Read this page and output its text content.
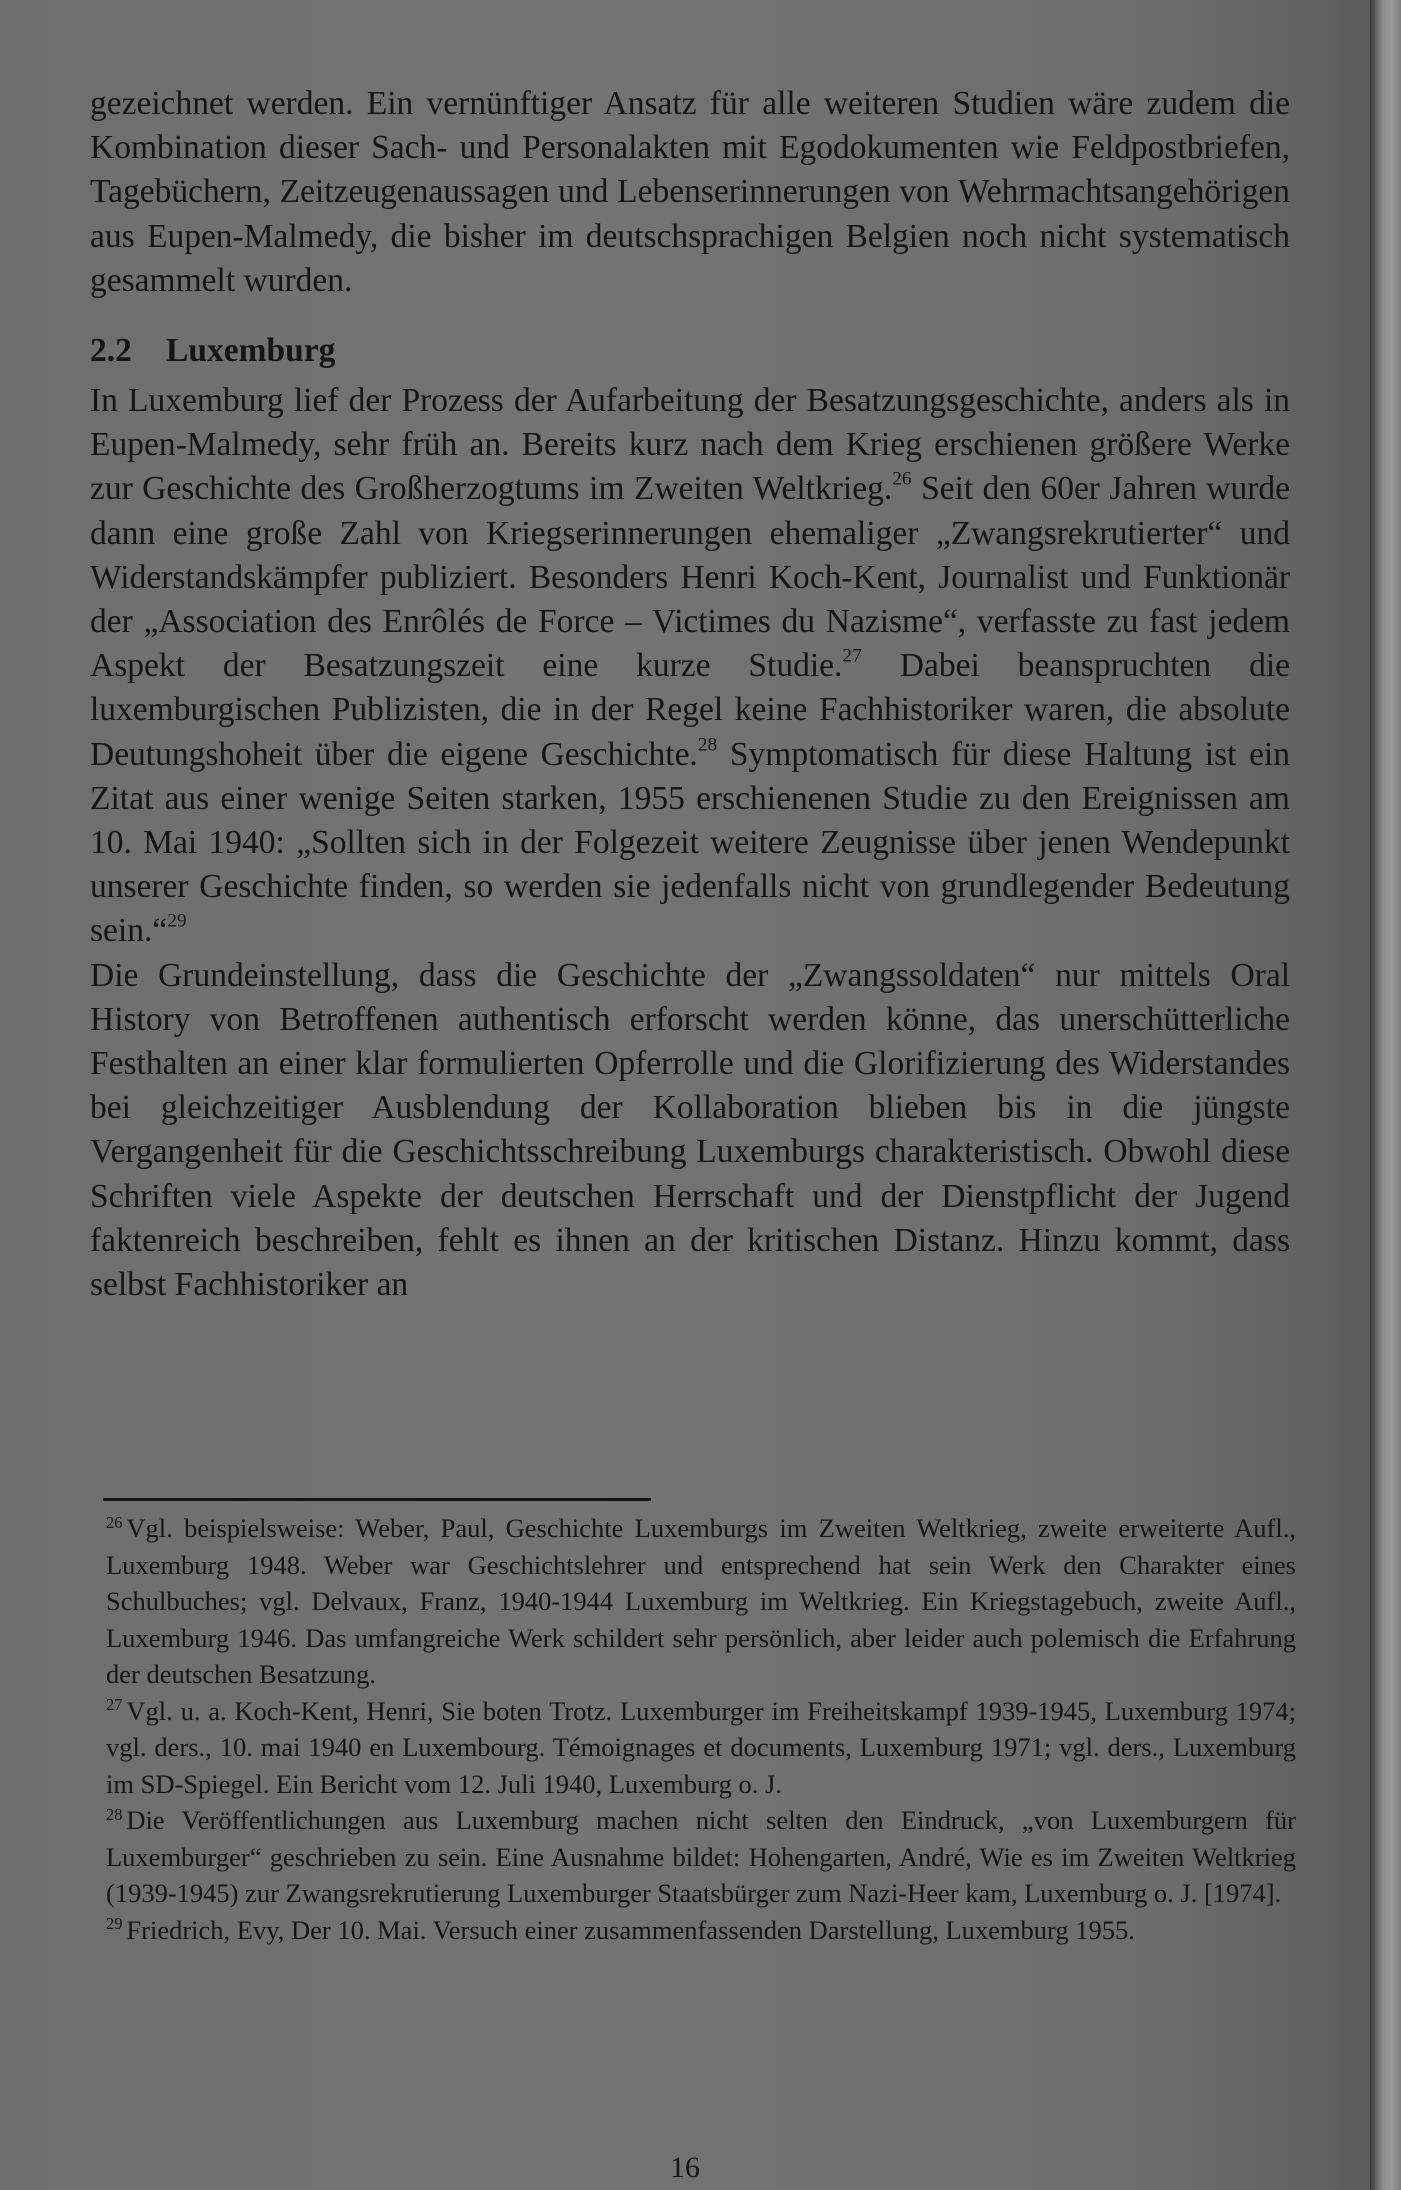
gezeichnet werden. Ein vernünftiger Ansatz für alle weiteren Studien wäre zudem die Kombination dieser Sach- und Personalakten mit Egodokumenten wie Feldpostbriefen, Tagebüchern, Zeitzeugenaussagen und Lebenserinnerungen von Wehrmachtsangehörigen aus Eupen-Malmedy, die bisher im deutschsprachigen Belgien noch nicht systematisch gesammelt wurden.

2.2 Luxemburg

In Luxemburg lief der Prozess der Aufarbeitung der Besatzungsgeschichte, anders als in Eupen-Malmedy, sehr früh an. Bereits kurz nach dem Krieg erschienen größere Werke zur Geschichte des Großherzogtums im Zweiten Weltkrieg.$^{26}$ Seit den 60er Jahren wurde dann eine große Zahl von Kriegserinnerungen ehemaliger „Zwangsrekrutierter“ und Widerstandskämpfer publiziert. Besonders Henri Koch-Kent, Journalist und Funktionär der „Association des Enrôlés de Force – Victimes du Nazisme“, verfasste zu fast jedem Aspekt der Besatzungszeit eine kurze Studie.$^{27}$ Dabei beanspruchten die luxemburgischen Publizisten, die in der Regel keine Fachhistoriker waren, die absolute Deutungshoheit über die eigene Geschichte.$^{28}$ Symptomatisch für diese Haltung ist ein Zitat aus einer wenige Seiten starken, 1955 erschienenen Studie zu den Ereignissen am 10. Mai 1940: „Sollten sich in der Folgezeit weitere Zeugnisse über jenen Wendepunkt unserer Geschichte finden, so werden sie jedenfalls nicht von grundlegender Bedeutung sein.“$^{29}$

Die Grundeinstellung, dass die Geschichte der „Zwangssoldaten“ nur mittels Oral History von Betroffenen authentisch erforscht werden könne, das unerschütterliche Festhalten an einer klar formulierten Opferrolle und die Glorifizierung des Widerstandes bei gleichzeitiger Ausblendung der Kollaboration blieben bis in die jüngste Vergangenheit für die Geschichtsschreibung Luxemburgs charakteristisch. Obwohl diese Schriften viele Aspekte der deutschen Herrschaft und der Dienstpflicht der Jugend faktenreich beschreiben, fehlt es ihnen an der kritischen Distanz. Hinzu kommt, dass selbst Fachhistoriker an

$^{26}$ Vgl. beispielsweise: Weber, Paul, Geschichte Luxemburgs im Zweiten Weltkrieg, zweite erweiterte Aufl., Luxemburg 1948. Weber war Geschichtslehrer und entsprechend hat sein Werk den Charakter eines Schulbuches; vgl. Delvaux, Franz, 1940-1944 Luxemburg im Weltkrieg. Ein Kriegstagebuch, zweite Aufl., Luxemburg 1946. Das umfangreiche Werk schildert sehr persönlich, aber leider auch polemisch die Erfahrung der deutschen Besatzung.

$^{27}$ Vgl. u. a. Koch-Kent, Henri, Sie boten Trotz. Luxemburger im Freiheitskampf 1939-1945, Luxemburg 1974; vgl. ders., 10. mai 1940 en Luxembourg. Témoignages et documents, Luxemburg 1971; vgl. ders., Luxemburg im SD-Spiegel. Ein Bericht vom 12. Juli 1940, Luxemburg o. J.

$^{28}$ Die Veröffentlichungen aus Luxemburg machen nicht selten den Eindruck, „von Luxemburgern für Luxemburger“ geschrieben zu sein. Eine Ausnahme bildet: Hohengarten, André, Wie es im Zweiten Weltkrieg (1939-1945) zur Zwangsrekrutierung Luxemburger Staatsbürger zum Nazi-Heer kam, Luxemburg o. J. [1974].

$^{29}$ Friedrich, Evy, Der 10. Mai. Versuch einer zusammenfassenden Darstellung, Luxemburg 1955.

16
